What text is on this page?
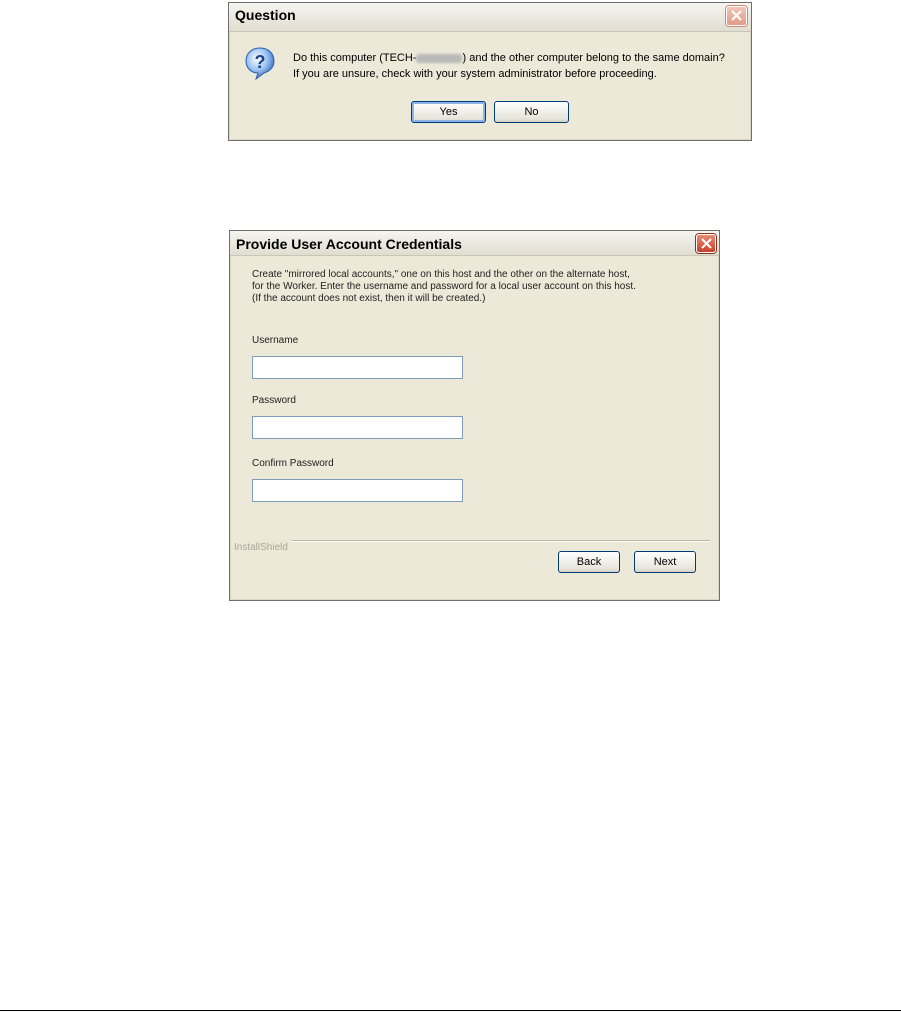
Question
?	Do this computer (TECH-	) and the other computer belong to the same domain?
If you are unsure, check with your system administrator before proceeding.
Yes	No
Provide User Account Credentials
Create "mirrored local accounts," one on this host and the other on the alternate host,
for the Worker. Enter the username and password for a local user account on this host.
(If the account does not exist, then it will be created.)
Username
Password
Confirm Password
InstallShield
Back	Next
